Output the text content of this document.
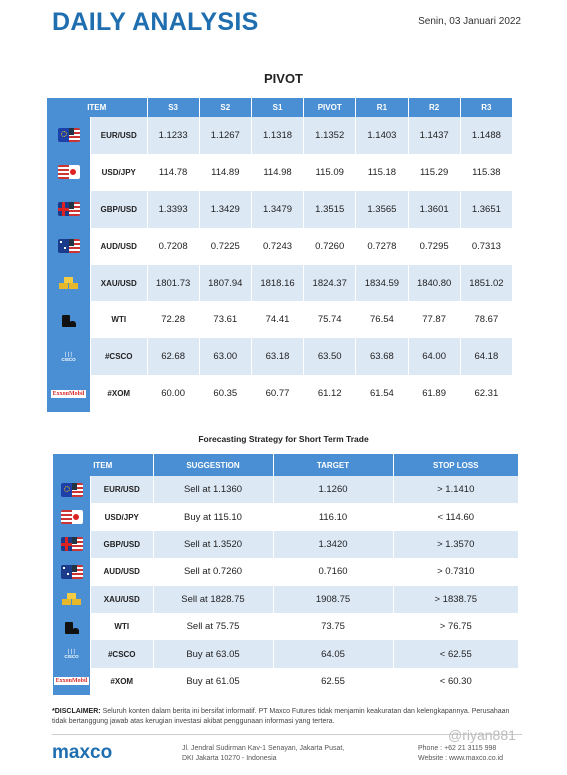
DAILY ANALYSIS	Senin, 03 Januari 2022
PIVOT
ITEM	S3	S2	S1	PIVOT	R1	R2	R3

EUR/USD	1.1233	1.1267	1.1318	1.1352	1.1403	1.1437	1.1488

USD/JPY	114.78	114.89	114.98	115.09	115.18	115.29	115.38

GBP/USD	1.3393	1.3429	1.3479	1.3515	1.3565	1.3601	1.3651

AUD/USD	0.7208	0.7225	0.7243	0.7260	0.7278	0.7295	0.7313

XAU/USD	1801.73	1807.94	1818.16	1824.37	1834.59	1840.80	1851.02

WTI	72.28	73.61	74.41	75.74	76.54	77.87	78.67

┆┆┆
CISCO #CSCO	62.68	63.00	63.18	63.50	63.68	64.00	64.18

ExxonMobil #XOM	60.00	60.35	60.77	61.12	61.54	61.89	62.31
Forecasting Strategy for Short Term Trade
ITEM	SUGGESTION	TARGET	STOP LOSS

EUR/USD	Sell at 1.1360	1.1260	> 1.1410

USD/JPY	Buy at 115.10	116.10	< 114.60

GBP/USD	Sell at 1.3520	1.3420	> 1.3570

AUD/USD	Sell at 0.7260	0.7160	> 0.7310

XAU/USD	Sell at 1828.75	1908.75	> 1838.75

WTI	Sell at 75.75	73.75	> 76.75

┆┆┆
CISCO #CSCO	Buy at 63.05	64.05	< 62.55

ExxonMobil #XOM	Buy at 61.05	62.55	< 60.30
*DISCLAIMER: Seluruh konten dalam berita ini bersifat informatif. PT Maxco Futures tidak menjamin keakuratan dan kelengkapannya. Perusahaan tidak bertanggung jawab atas kerugian investasi akibat penggunaan informasi yang tertera.
maxco	Jl. Jendral Sudirman Kav-1 Senayan, Jakarta Pusat,
DKI Jakarta 10270 - Indonesia
Phone : +62 21 3115 998
Website : www.maxco.co.id
@riyan881
